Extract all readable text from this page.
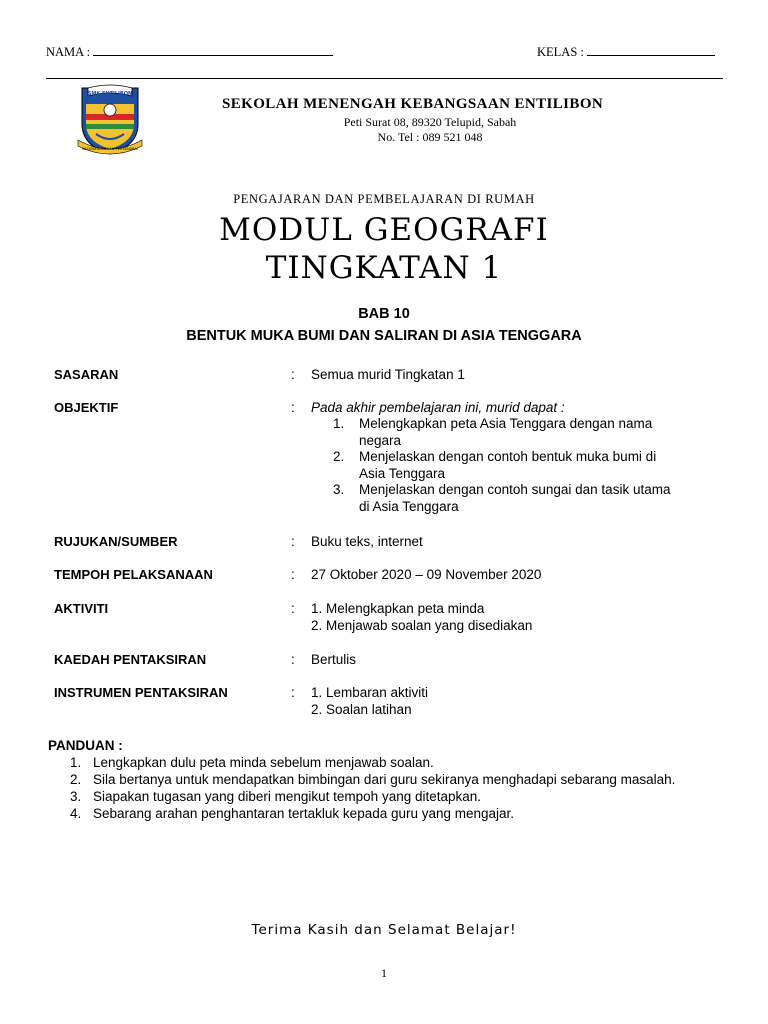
NAMA :	KELAS :
SMK ENTILIBON
KECEMERLANGAN TERSENARAI
SEKOLAH MENENGAH KEBANGSAAN ENTILIBON
Peti Surat 08, 89320 Telupid, Sabah
No. Tel : 089 521 048
PENGAJARAN DAN PEMBELAJARAN DI RUMAH
MODUL GEOGRAFI
TINGKATAN 1
BAB 10
BENTUK MUKA BUMI DAN SALIRAN DI ASIA TENGGARA
SASARAN	: Semua murid Tingkatan 1
OBJEKTIF	: Pada akhir pembelajaran ini, murid dapat :
1. Melengkapkan peta Asia Tenggara dengan nama
negara
2. Menjelaskan dengan contoh bentuk muka bumi di
Asia Tenggara
3. Menjelaskan dengan contoh sungai dan tasik utama
di Asia Tenggara
RUJUKAN/SUMBER	: Buku teks, internet
TEMPOH PELAKSANAAN	: 27 Oktober 2020 – 09 November 2020
AKTIVITI	: 1. Melengkapkan peta minda
2. Menjawab soalan yang disediakan
KAEDAH PENTAKSIRAN	: Bertulis
INSTRUMEN PENTAKSIRAN	: 1. Lembaran aktiviti
2. Soalan latihan
PANDUAN :
1. Lengkapkan dulu peta minda sebelum menjawab soalan.
2. Sila bertanya untuk mendapatkan bimbingan dari guru sekiranya menghadapi sebarang masalah.
3. Siapakan tugasan yang diberi mengikut tempoh yang ditetapkan.
4. Sebarang arahan penghantaran tertakluk kepada guru yang mengajar.
Terima Kasih dan Selamat Belajar!
1
